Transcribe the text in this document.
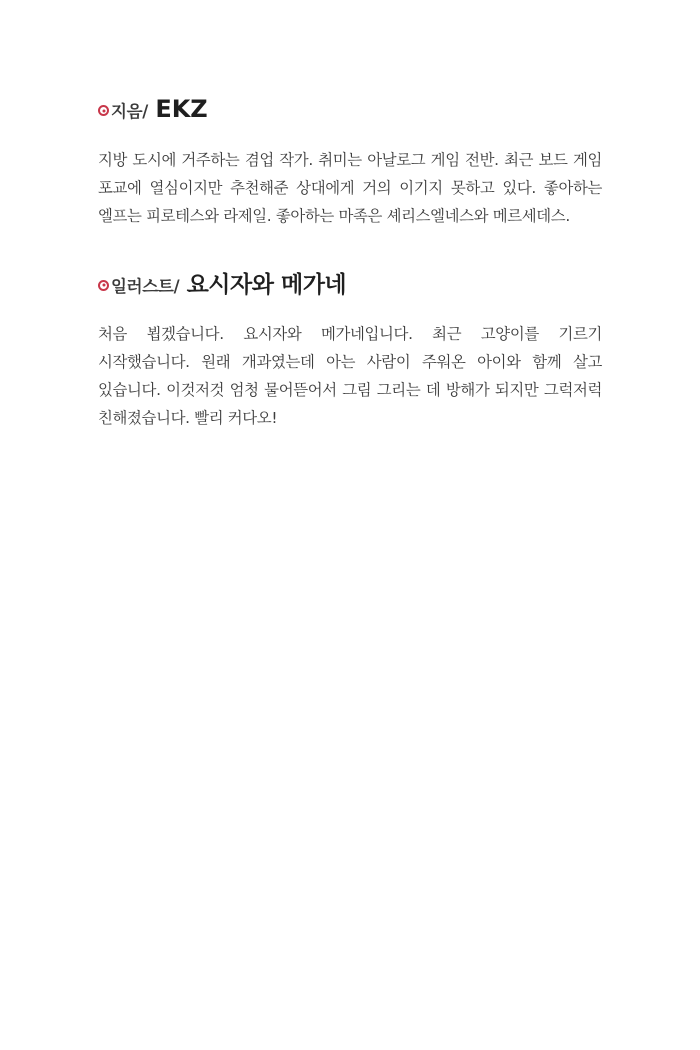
지음 / EKZ

지방 도시에 거주하는 겸업 작가. 취미는 아날로그 게임 전반. 최근 보드 게임 포교에 열심이지만 추천해준 상대에게 거의 이기지 못하고 있다. 좋아하는 엘프는 피로테스와 라제일. 좋아하는 마족은 셰리스엘네스와 메르세데스.

일러스트 / 요시자와 메가네

처음 뵙겠습니다. 요시자와 메가네입니다. 최근 고양이를 기르기 시작했습니다. 원래 개과였는데 아는 사람이 주워온 아이와 함께 살고 있습니다. 이것저것 엄청 물어뜯어서 그림 그리는 데 방해가 되지만 그럭저럭 친해졌습니다. 빨리 커다오!
